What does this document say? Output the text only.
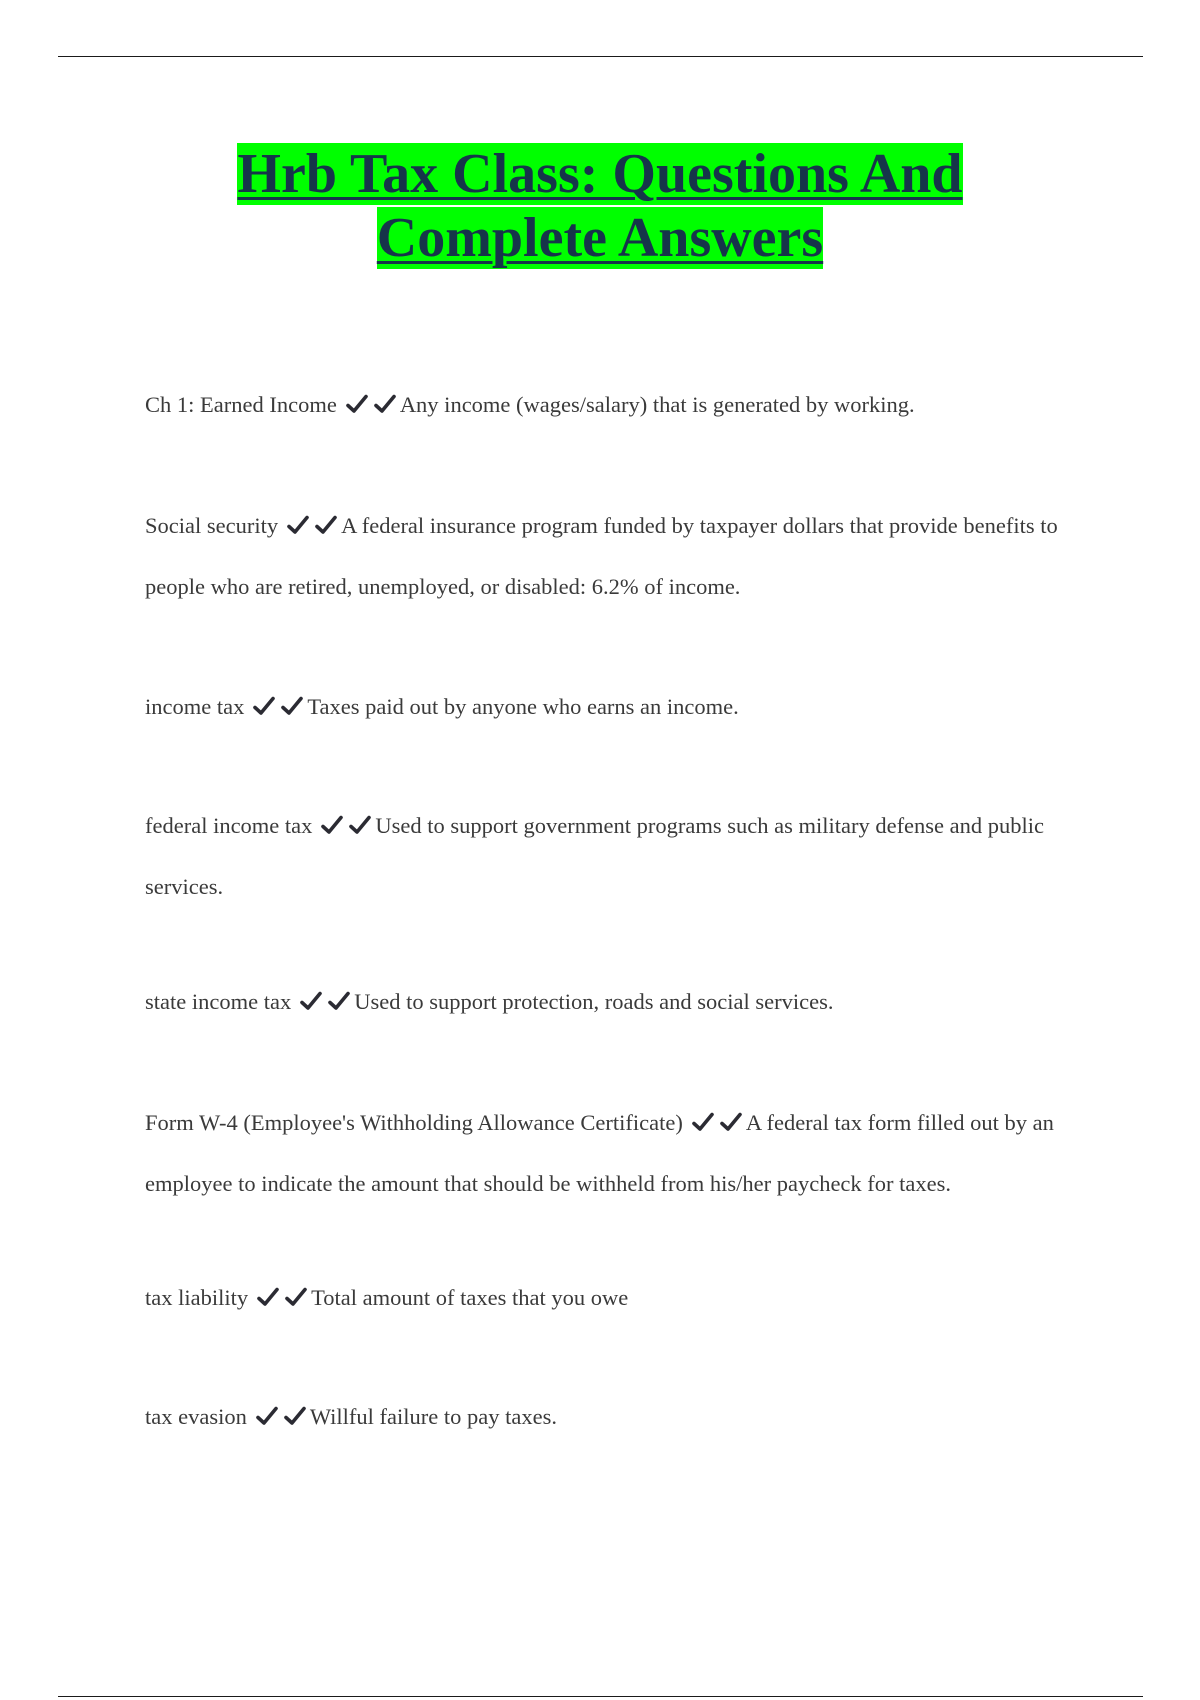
Hrb Tax Class: Questions And
Complete Answers

Ch 1: Earned Income	Any income (wages/salary) that is generated by working.

Social security	A federal insurance program funded by taxpayer dollars that provide benefits to people who are retired, unemployed, or disabled: 6.2% of income.

income tax	Taxes paid out by anyone who earns an income.

federal income tax	Used to support government programs such as military defense and public services.

state income tax	Used to support protection, roads and social services.

Form W-4 (Employee's Withholding Allowance Certificate)	A federal tax form filled out by an employee to indicate the amount that should be withheld from his/her paycheck for taxes.

tax liability	Total amount of taxes that you owe

tax evasion	Willful failure to pay taxes.
